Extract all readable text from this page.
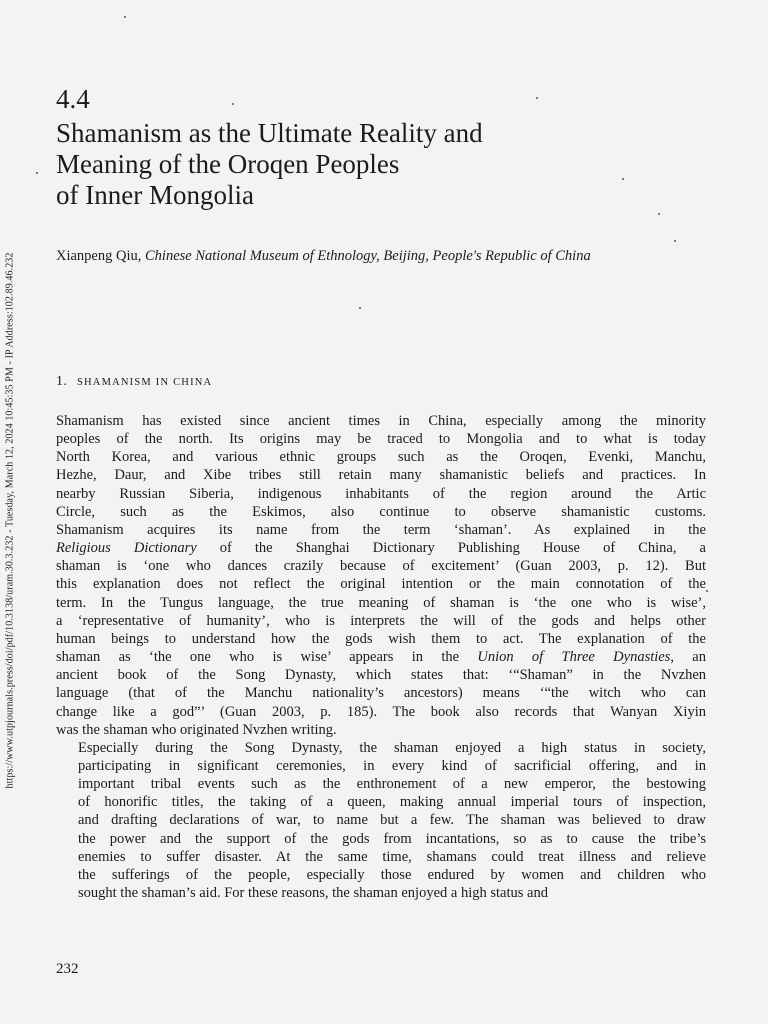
https://www.utpjournals.press/doi/pdf/10.3138/uram.30.3.232 - Tuesday, March 12, 2024 10:45:35 PM - IP Address:102.89.46.232
4.4
Shamanism as the Ultimate Reality and
Meaning of the Oroqen Peoples
of Inner Mongolia
Xianpeng Qiu, Chinese National Museum of Ethnology, Beijing, People's Republic of China
1. SHAMANISM IN CHINA

Shamanism has existed since ancient times in China, especially among the minority
peoples of the north. Its origins may be traced to Mongolia and to what is today
North Korea, and various ethnic groups such as the Oroqen, Evenki, Manchu,
Hezhe, Daur, and Xibe tribes still retain many shamanistic beliefs and practices. In
nearby Russian Siberia, indigenous inhabitants of the region around the Artic
Circle, such as the Eskimos, also continue to observe shamanistic customs.
Shamanism acquires its name from the term ‘shaman’. As explained in the
Religious Dictionary of the Shanghai Dictionary Publishing House of China, a
shaman is ‘one who dances crazily because of excitement’ (Guan 2003, p. 12). But
this explanation does not reflect the original intention or the main connotation of the
term. In the Tungus language, the true meaning of shaman is ‘the one who is wise’,
a ‘representative of humanity’, who is interprets the will of the gods and helps other
human beings to understand how the gods wish them to act. The explanation of the
shaman as ‘the one who is wise’ appears in the Union of Three Dynasties, an
ancient book of the Song Dynasty, which states that: ‘“Shaman” in the Nvzhen
language (that of the Manchu nationality’s ancestors) means ‘“the witch who can
change like a god”’ (Guan 2003, p. 185). The book also records that Wanyan Xiyin
was the shaman who originated Nvzhen writing.

Especially during the Song Dynasty, the shaman enjoyed a high status in society,
participating in significant ceremonies, in every kind of sacrificial offering, and in
important tribal events such as the enthronement of a new emperor, the bestowing
of honorific titles, the taking of a queen, making annual imperial tours of inspection,
and drafting declarations of war, to name but a few. The shaman was believed to draw
the power and the support of the gods from incantations, so as to cause the tribe’s
enemies to suffer disaster. At the same time, shamans could treat illness and relieve
the sufferings of the people, especially those endured by women and children who
sought the shaman’s aid. For these reasons, the shaman enjoyed a high status and

232
